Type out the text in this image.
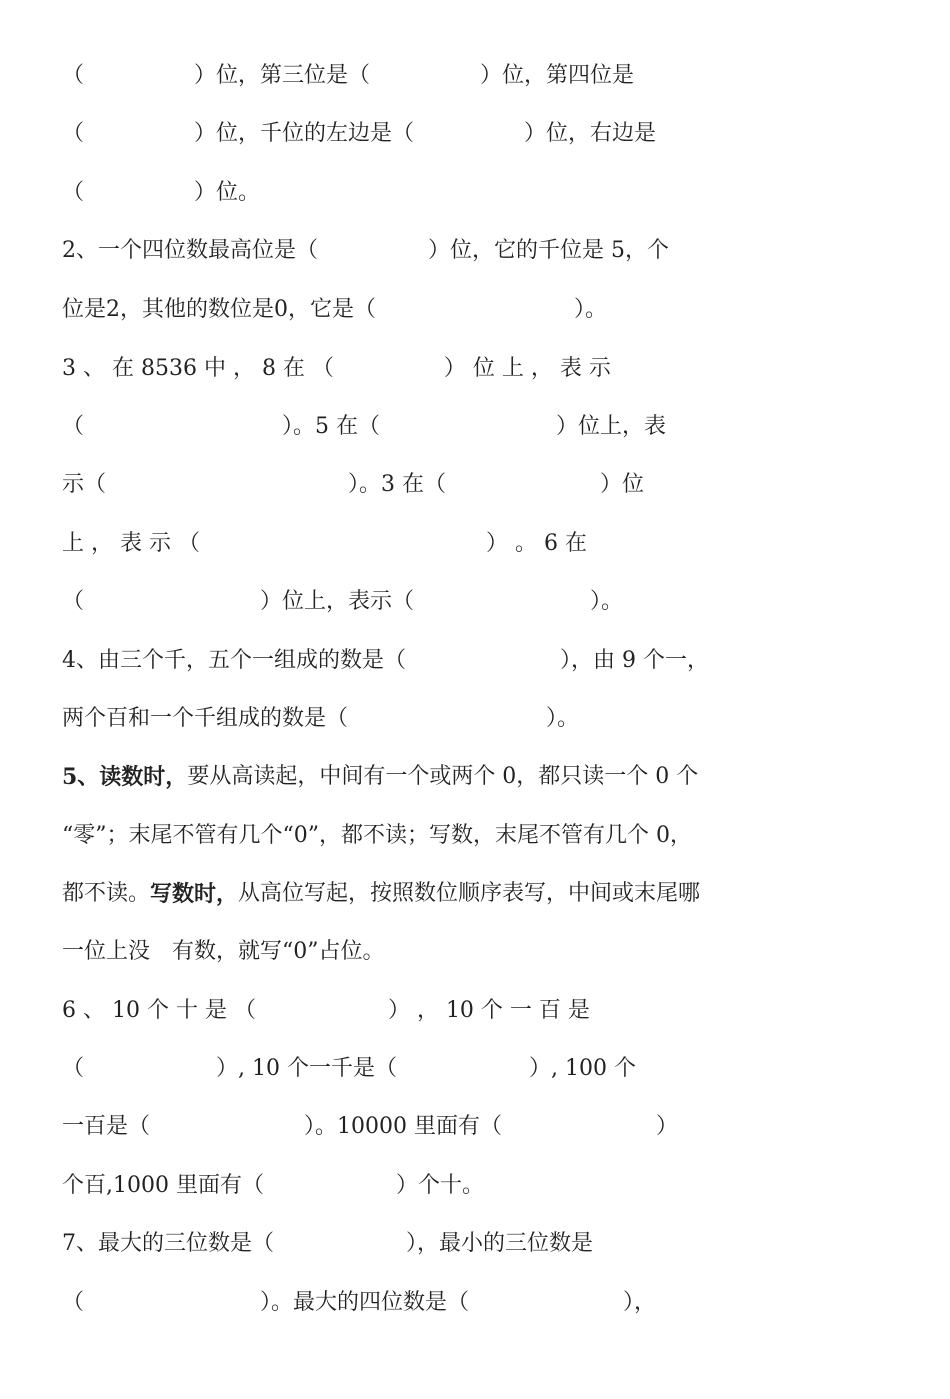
（　　　　　）位，第三位是（　　　　　）位，第四位是
（　　　　　）位，千位的左边是（　　　　　）位，右边是
（　　　　　）位。
2、一个四位数最高位是（　　　　　）位，它的千位是 5，个
位是2，其他的数位是0，它是（　　　　　　　　　）。
3 、 在 8536 中 ， 8 在 （　　　　　） 位 上 ， 表 示
（　　　　　　　　　）。5 在（　　　　　　　　）位上，表
示（　　　　　　　　　　　）。3 在（　　　　　　　）位
上 ， 表 示 （　　　　　　　　　　　　　） 。 6 在
（　　　　　　　　）位上，表示（　　　　　　　　）。
4、由三个千，五个一组成的数是（　　　　　　　），由 9 个一，
两个百和一个千组成的数是（　　　　　　　　　）。
5、读数时， 要从高读起，中间有一个或两个 0，都只读一个 0 个
“零”；末尾不管有几个“0”，都不读；写数，末尾不管有几个 0，
都不读。 写数时， 从高位写起，按照数位顺序表写，中间或末尾哪
一位上没　有数，就写“0”占位。
6 、 10 个 十 是 （　　　　　　） ， 10 个 一 百 是
（　　　　　　）, 10 个一千是（　　　　　　）, 100 个
一百是（　　　　　　　）。10000 里面有（　　　　　　　）
个百,1000 里面有（　　　　　　）个十。
7、最大的三位数是（　　　　　　），最小的三位数是
（　　　　　　　　）。最大的四位数是（　　　　　　　），
